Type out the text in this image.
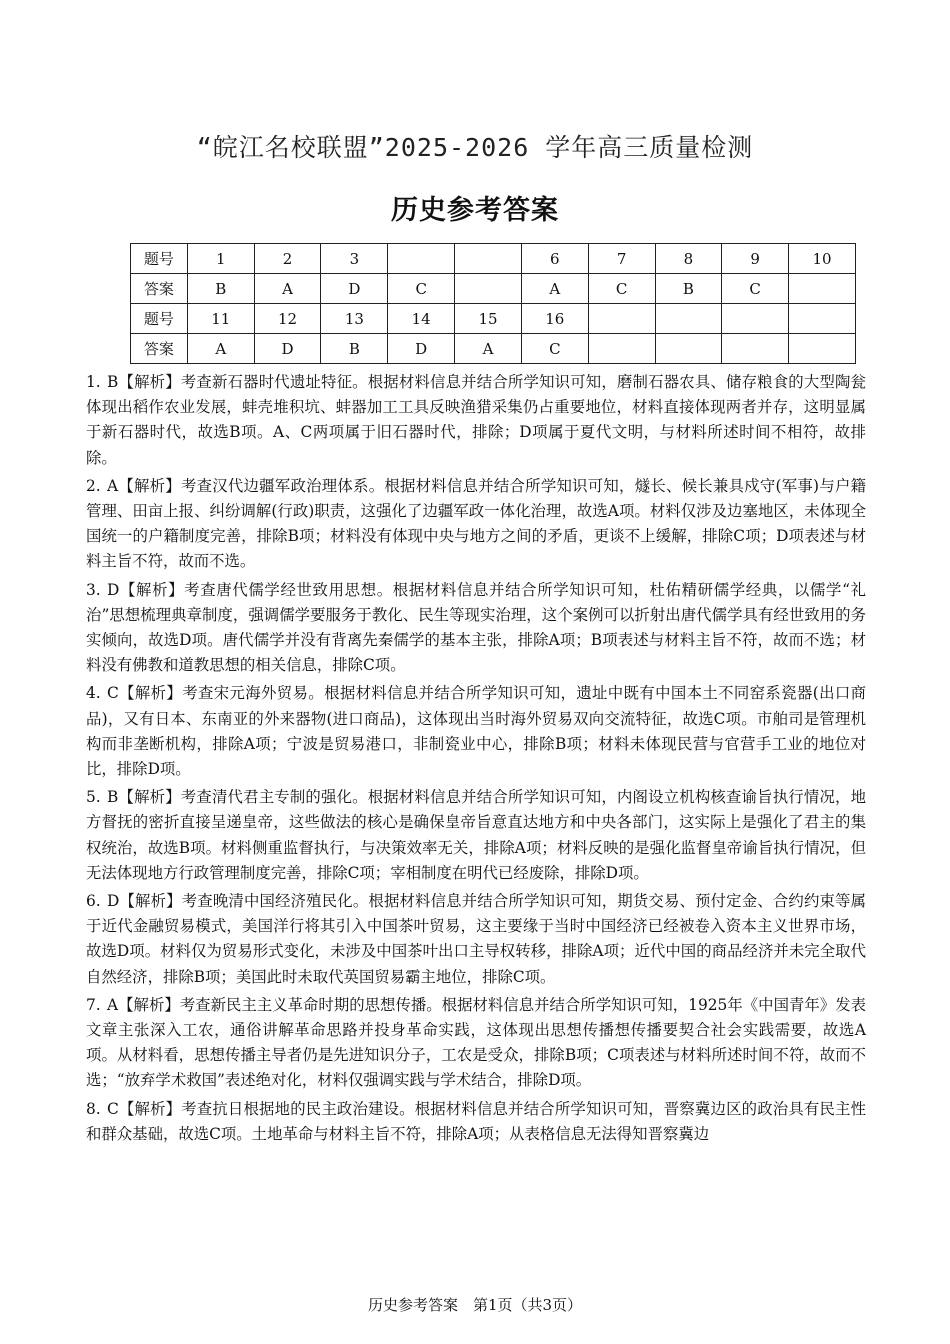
“皖江名校联盟”2025-2026 学年高三质量检测
历史参考答案
题号	1	2	3			6	7	8	9	10
答案	B	A	D	C		A	C	B	C	
题号	11	12	13	14	15	16				
答案	A	D	B	D	A	C				
1. B【解析】考查新石器时代遗址特征。根据材料信息并结合所学知识可知，磨制石器农具、储存粮食的大型陶瓮体现出稻作农业发展，蚌壳堆积坑、蚌器加工工具反映渔猎采集仍占重要地位，材料直接体现两者并存，这明显属于新石器时代，故选B项。A、C两项属于旧石器时代，排除；D项属于夏代文明，与材料所述时间不相符，故排除。
2. A【解析】考查汉代边疆军政治理体系。根据材料信息并结合所学知识可知，燧长、候长兼具戍守(军事)与户籍管理、田亩上报、纠纷调解(行政)职责，这强化了边疆军政一体化治理，故选A项。材料仅涉及边塞地区，未体现全国统一的户籍制度完善，排除B项；材料没有体现中央与地方之间的矛盾，更谈不上缓解，排除C项；D项表述与材料主旨不符，故而不选。
3. D【解析】考查唐代儒学经世致用思想。根据材料信息并结合所学知识可知，杜佑精研儒学经典，以儒学“礼治”思想梳理典章制度，强调儒学要服务于教化、民生等现实治理，这个案例可以折射出唐代儒学具有经世致用的务实倾向，故选D项。唐代儒学并没有背离先秦儒学的基本主张，排除A项；B项表述与材料主旨不符，故而不选；材料没有佛教和道教思想的相关信息，排除C项。
4. C【解析】考查宋元海外贸易。根据材料信息并结合所学知识可知，遗址中既有中国本土不同窑系瓷器(出口商品)，又有日本、东南亚的外来器物(进口商品)，这体现出当时海外贸易双向交流特征，故选C项。市舶司是管理机构而非垄断机构，排除A项；宁波是贸易港口，非制瓷业中心，排除B项；材料未体现民营与官营手工业的地位对比，排除D项。
5. B【解析】考查清代君主专制的强化。根据材料信息并结合所学知识可知，内阁设立机构核查谕旨执行情况，地方督抚的密折直接呈递皇帝，这些做法的核心是确保皇帝旨意直达地方和中央各部门，这实际上是强化了君主的集权统治，故选B项。材料侧重监督执行，与决策效率无关，排除A项；材料反映的是强化监督皇帝谕旨执行情况，但无法体现地方行政管理制度完善，排除C项；宰相制度在明代已经废除，排除D项。
6. D【解析】考查晚清中国经济殖民化。根据材料信息并结合所学知识可知，期货交易、预付定金、合约约束等属于近代金融贸易模式，美国洋行将其引入中国茶叶贸易，这主要缘于当时中国经济已经被卷入资本主义世界市场，故选D项。材料仅为贸易形式变化，未涉及中国茶叶出口主导权转移，排除A项；近代中国的商品经济并未完全取代自然经济，排除B项；美国此时未取代英国贸易霸主地位，排除C项。
7. A【解析】考查新民主主义革命时期的思想传播。根据材料信息并结合所学知识可知，1925年《中国青年》发表文章主张深入工农，通俗讲解革命思路并投身革命实践，这体现出思想传播想传播要契合社会实践需要，故选A项。从材料看，思想传播主导者仍是先进知识分子，工农是受众，排除B项；C项表述与材料所述时间不符，故而不选；“放弃学术救国”表述绝对化，材料仅强调实践与学术结合，排除D项。
8. C【解析】考查抗日根据地的民主政治建设。根据材料信息并结合所学知识可知，晋察冀边区的政治具有民主性和群众基础，故选C项。土地革命与材料主旨不符，排除A项；从表格信息无法得知晋察冀边
历史参考答案　第1页（共3页）
